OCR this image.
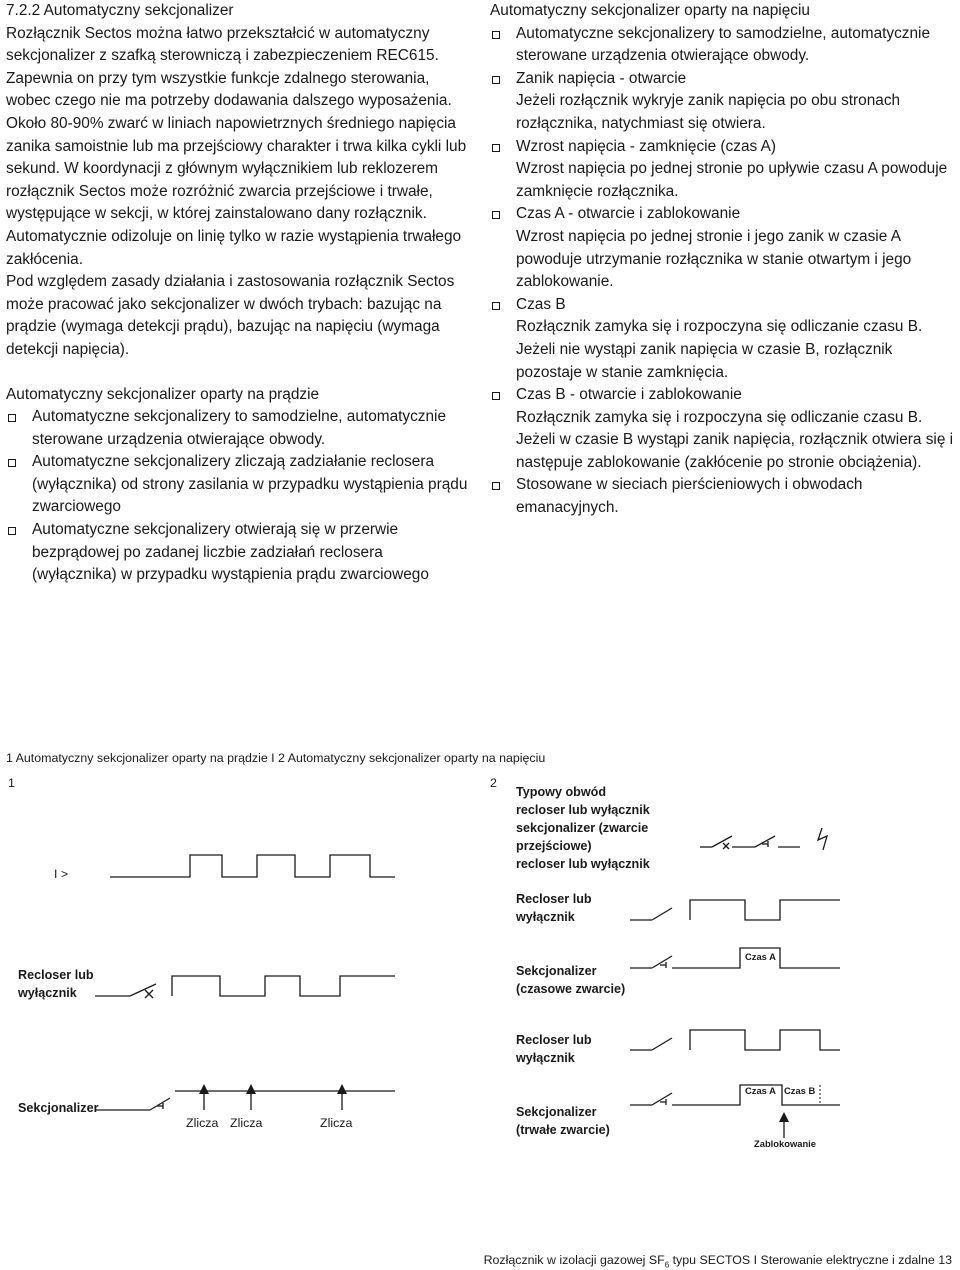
7.2.2 Automatyczny sekcjonalizer

Rozłącznik Sectos można łatwo przekształcić w automatyczny sekcjonalizer z szafką sterowniczą i zabezpieczeniem REC615. Zapewnia on przy tym wszystkie funkcje zdalnego sterowania, wobec czego nie ma potrzeby dodawania dalszego wyposażenia.

Około 80-90% zwarć w liniach napowietrznych średniego napięcia zanika samoistnie lub ma przejściowy charakter i trwa kilka cykli lub sekund. W koordynacji z głównym wyłącznikiem lub reklozerem rozłącznik Sectos może rozróżnić zwarcia przejściowe i trwałe, występujące w sekcji, w której zainstalowano dany rozłącznik. Automatycznie odizoluje on linię tylko w razie wystąpienia trwałego zakłócenia.

Pod względem zasady działania i zastosowania rozłącznik Sectos może pracować jako sekcjonalizer w dwóch trybach: bazując na prądzie (wymaga detekcji prądu), bazując na napięciu (wymaga detekcji napięcia).

Automatyczny sekcjonalizer oparty na prądzie
Automatyczne sekcjonalizery to samodzielne, automatycznie sterowane urządzenia otwierające obwody.
Automatyczne sekcjonalizery zliczają zadziałanie reclosera (wyłącznika) od strony zasilania w przypadku wystąpienia prądu zwarciowego
Automatyczne sekcjonalizery otwierają się w przerwie bezprądowej po zadanej liczbie zadziałań reclosera (wyłącznika) w przypadku wystąpienia prądu zwarciowego
Automatyczny sekcjonalizer oparty na napięciu
Automatyczne sekcjonalizery to samodzielne, automatycznie sterowane urządzenia otwierające obwody.
Zanik napięcia - otwarcie
Jeżeli rozłącznik wykryje zanik napięcia po obu stronach rozłącznika, natychmiast się otwiera.
Wzrost napięcia - zamknięcie (czas A)
Wzrost napięcia po jednej stronie po upływie czasu A powoduje zamknięcie rozłącznika.
Czas A - otwarcie i zablokowanie
Wzrost napięcia po jednej stronie i jego zanik w czasie A powoduje utrzymanie rozłącznika w stanie otwartym i jego zablokowanie.
Czas B
Rozłącznik zamyka się i rozpoczyna się odliczanie czasu B. Jeżeli nie wystąpi zanik napięcia w czasie B, rozłącznik pozostaje w stanie zamknięcia.
Czas B - otwarcie i zablokowanie
Rozłącznik zamyka się i rozpoczyna się odliczanie czasu B. Jeżeli w czasie B wystąpi zanik napięcia, rozłącznik otwiera się i następuje zablokowanie (zakłócenie po stronie obciążenia).
Stosowane w sieciach pierścieniowych i obwodach emanacyjnych.
1 Automatyczny sekcjonalizer oparty na prądzie I 2 Automatyczny sekcjonalizer oparty na napięciu
1	2
I >
Recloser lub
wyłącznik
Sekcjonalizer
Zlicza Zlicza	Zlicza
Typowy obwód
recloser lub wyłącznik
sekcjonalizer (zwarcie
przejściowe)
recloser lub wyłącznik
Recloser lub
wyłącznik
Sekcjonalizer
(czasowe zwarcie)
Recloser lub
wyłącznik
Sekcjonalizer
(trwałe zwarcie)
Czas A
Czas A Czas B
Zablokowanie
Rozłącznik w izolacji gazowej $SF_6$ typu SECTOS I Sterowanie elektryczne i zdalne 13
